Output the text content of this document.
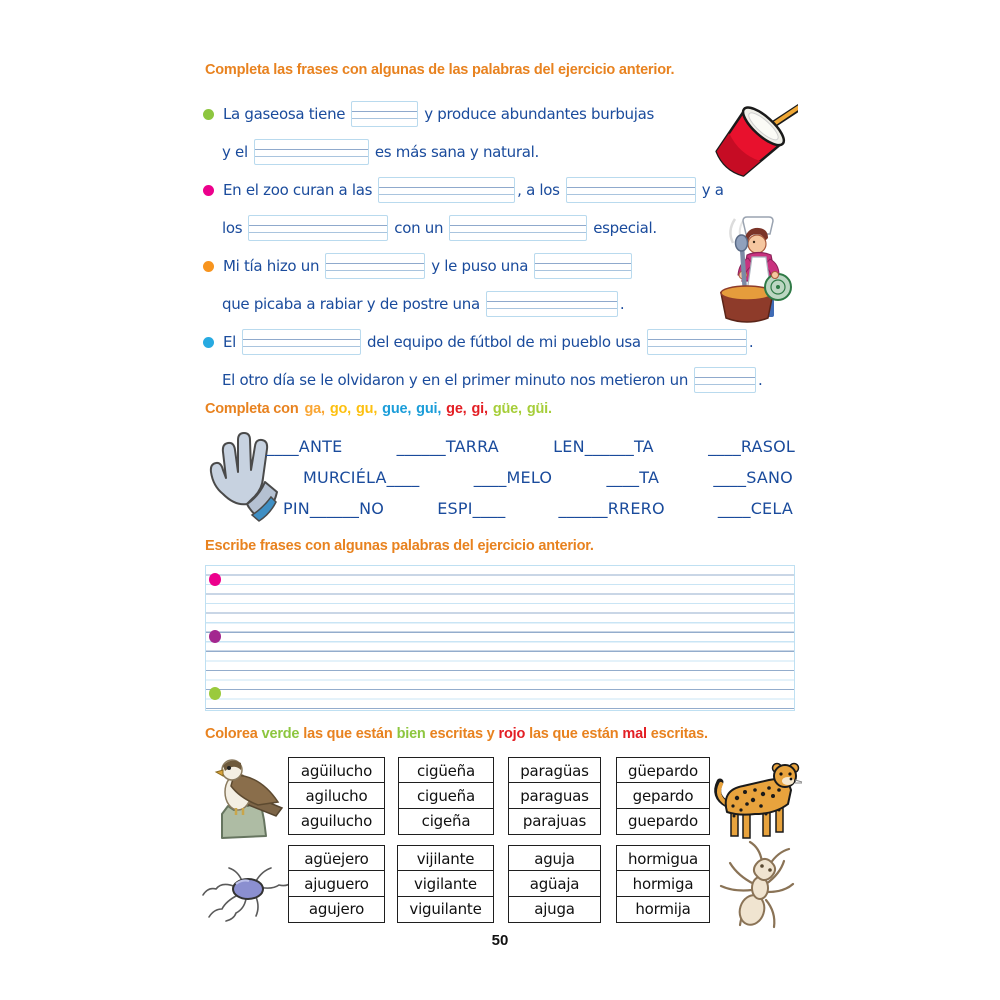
Completa las frases con algunas de las palabras del ejercicio anterior.
La gaseosa tiene	y produce abundantes burbujas
y el	es más sana y natural.
En el zoo curan a las	, a los	y a
los	con un	especial.
Mi tía hizo un	y le puso una
que picaba a rabiar y de postre una	.
El	del equipo de fútbol de mi pueblo usa	.
El otro día se le olvidaron y en el primer minuto nos metieron un	.
Completa con ga, go, gu, gue, gui, ge, gi, güe, güi.
____ANTE	______TARRA	LEN______TA	____RASOL
MURCIÉLA____	____MELO	____TA	____SANO
PIN______NO	ESPI____	______RRERO	____CELA
Escribe frases con algunas palabras del ejercicio anterior.
Colorea verde las que están bien escritas y rojo las que están mal escritas.
agüilucho
agilucho
aguilucho
cigüeña
cigueña
cigeña
paragüas
paraguas
parajuas
güepardo
gepardo
guepardo
agüejero
ajuguero
agujero
vijilante
vigilante
viguilante
aguja
agüaja
ajuga
hormigua
hormiga
hormija
50
